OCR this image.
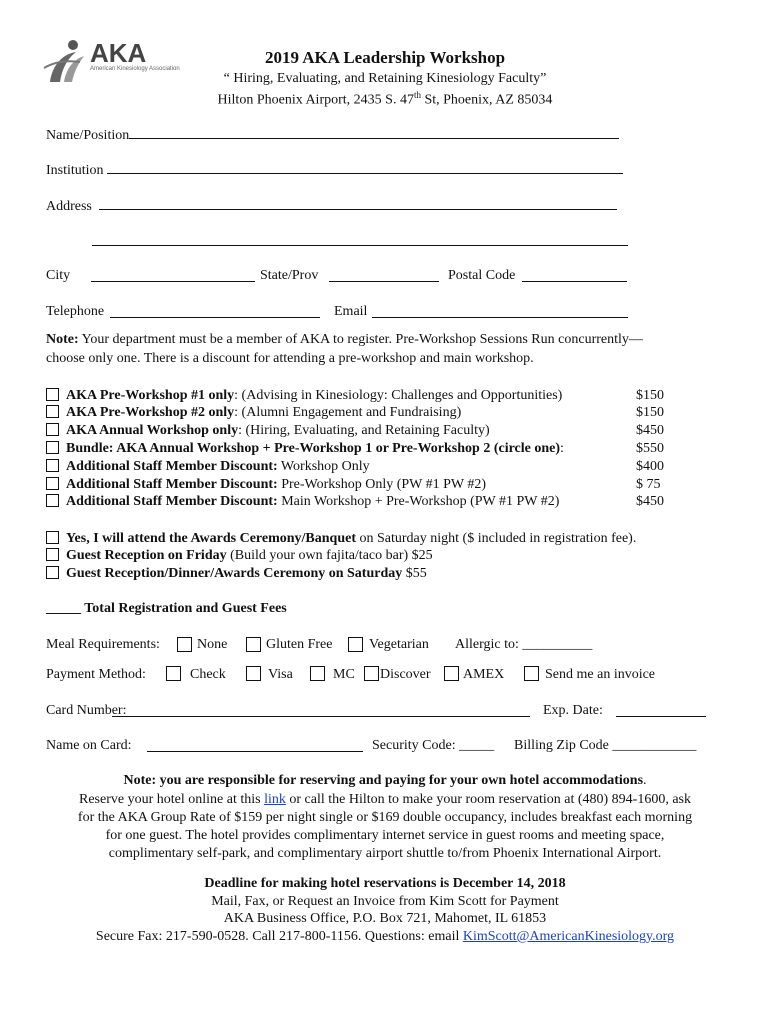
AKA
American Kinesiology Association
2019 AKA Leadership Workshop
“ Hiring, Evaluating, and Retaining Kinesiology Faculty”
Hilton Phoenix Airport, 2435 S. 47th St, Phoenix, AZ 85034
Name/Position
Institution
Address
City	State/Prov	Postal Code
Telephone	Email
Note: Your department must be a member of AKA to register. Pre-Workshop Sessions Run concurrently—
choose only one. There is a discount for attending a pre-workshop and main workshop.
AKA Pre-Workshop #1 only: (Advising in Kinesiology: Challenges and Opportunities)	$150
AKA Pre-Workshop #2 only: (Alumni Engagement and Fundraising)	$150
AKA Annual Workshop only: (Hiring, Evaluating, and Retaining Faculty)	$450
Bundle: AKA Annual Workshop + Pre-Workshop 1 or Pre-Workshop 2 (circle one):	$550
Additional Staff Member Discount: Workshop Only	$400
Additional Staff Member Discount: Pre-Workshop Only (PW #1 PW #2)	$ 75
Additional Staff Member Discount: Main Workshop + Pre-Workshop (PW #1 PW #2)	$450
Yes, I will attend the Awards Ceremony/Banquet on Saturday night ($ included in registration fee).
Guest Reception on Friday (Build your own fajita/taco bar) $25
Guest Reception/Dinner/Awards Ceremony on Saturday $55
_____ Total Registration and Guest Fees
Meal Requirements:	None	Gluten Free	Vegetarian Allergic to: __________
Payment Method:	Check	Visa	MC Discover AMEX	Send me an invoice
Card Number:	Exp. Date:
Name on Card:	Security Code: _____ Billing Zip Code ____________
Note: you are responsible for reserving and paying for your own hotel accommodations.
Reserve your hotel online at this link or call the Hilton to make your room reservation at (480) 894-1600, ask
for the AKA Group Rate of $159 per night single or $169 double occupancy, includes breakfast each morning
for one guest. The hotel provides complimentary internet service in guest rooms and meeting space,
complimentary self-park, and complimentary airport shuttle to/from Phoenix International Airport.
Deadline for making hotel reservations is December 14, 2018
Mail, Fax, or Request an Invoice from Kim Scott for Payment
AKA Business Office, P.O. Box 721, Mahomet, IL 61853
Secure Fax: 217-590-0528. Call 217-800-1156. Questions: email KimScott@AmericanKinesiology.org
